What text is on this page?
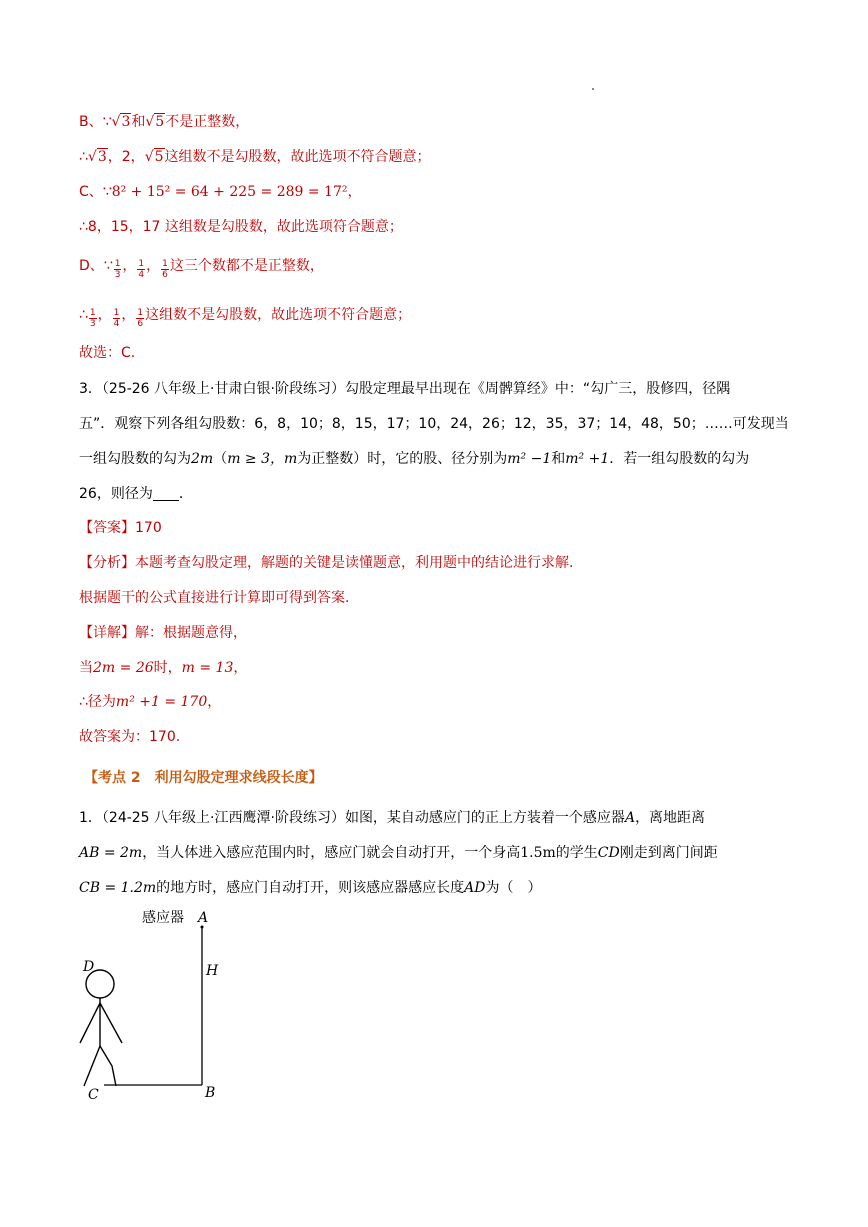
B、∵√3和√5不是正整数，
∴√3，2，√5这组数不是勾股数，故此选项不符合题意；
C、∵8² + 15² = 64 + 225 = 289 = 17²，
∴8，15，17 这组数是勾股数，故此选项符合题意；
D、∵ $\frac{1}{3}$ ， $\frac{1}{4}$ ， $\frac{1}{6}$ 这三个数都不是正整数，
∴ $\frac{1}{3}$ ， $\frac{1}{4}$ ， $\frac{1}{6}$ 这组数不是勾股数，故此选项不符合题意；
故选：C.
3．（25-26 八年级上·甘肃白银·阶段练习）勾股定理最早出现在《周髀算经》中：“勾广三，股修四，径隅
五”．观察下列各组勾股数：6，8，10；8，15，17；10，24，26；12，35，37；14，48，50；……可发现当
一组勾股数的勾为2m（m ≥ 3，m为正整数）时，它的股、径分别为m² −1和m² +1．若一组勾股数的勾为
26，则径为 ．
【答案】170
【分析】本题考查勾股定理，解题的关键是读懂题意，利用题中的结论进行求解.
根据题干的公式直接进行计算即可得到答案.
【详解】解：根据题意得，
当2m = 26时，m = 13，
∴径为m² +1 = 170，
故答案为：170.
【考点 2　利用勾股定理求线段长度】
1．（24-25 八年级上·江西鹰潭·阶段练习）如图，某自动感应门的正上方装着一个感应器A，离地距离
AB = 2m，当人体进入感应范围内时，感应门就会自动打开，一个身高1.5m的学生CD刚走到离门间距
CB = 1.2m的地方时，感应门自动打开，则该感应器感应长度AD为（　）
感应器 A
H
B
C
D
